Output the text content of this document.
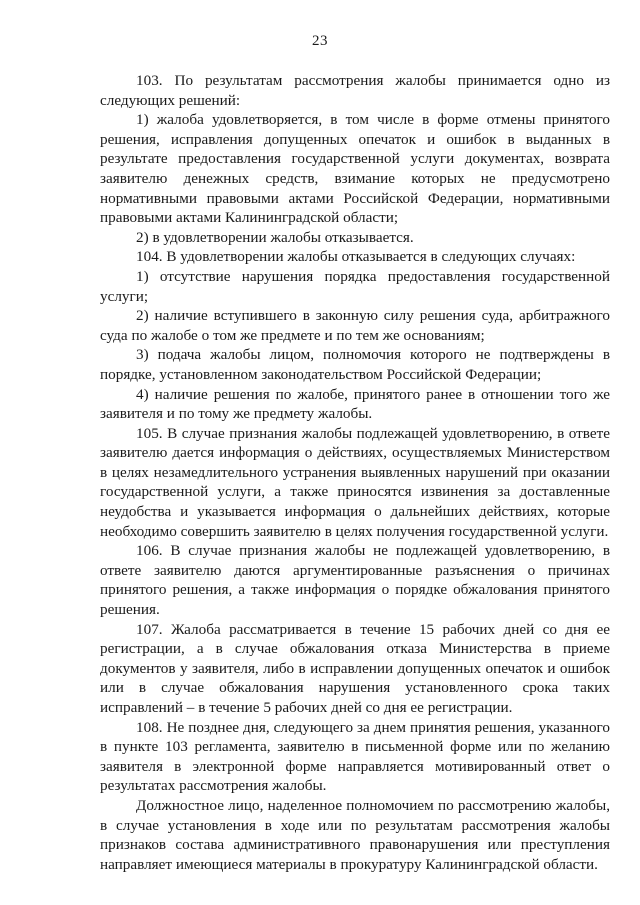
23

103. По результатам рассмотрения жалобы принимается одно из следующих решений:

1) жалоба удовлетворяется, в том числе в форме отмены принятого решения, исправления допущенных опечаток и ошибок в выданных в результате предоставления государственной услуги документах, возврата заявителю денежных средств, взимание которых не предусмотрено нормативными правовыми актами Российской Федерации, нормативными правовыми актами Калининградской области;

2) в удовлетворении жалобы отказывается.

104. В удовлетворении жалобы отказывается в следующих случаях:

1) отсутствие нарушения порядка предоставления государственной услуги;

2) наличие вступившего в законную силу решения суда, арбитражного суда по жалобе о том же предмете и по тем же основаниям;

3) подача жалобы лицом, полномочия которого не подтверждены в порядке, установленном законодательством Российской Федерации;

4) наличие решения по жалобе, принятого ранее в отношении того же заявителя и по тому же предмету жалобы.

105. В случае признания жалобы подлежащей удовлетворению, в ответе заявителю дается информация о действиях, осуществляемых Министерством в целях незамедлительного устранения выявленных нарушений при оказании государственной услуги, а также приносятся извинения за доставленные неудобства и указывается информация о дальнейших действиях, которые необходимо совершить заявителю в целях получения государственной услуги.

106. В случае признания жалобы не подлежащей удовлетворению, в ответе заявителю даются аргументированные разъяснения о причинах принятого решения, а также информация о порядке обжалования принятого решения.

107. Жалоба рассматривается в течение 15 рабочих дней со дня ее регистрации, а в случае обжалования отказа Министерства в приеме документов у заявителя, либо в исправлении допущенных опечаток и ошибок или в случае обжалования нарушения установленного срока таких исправлений – в течение 5 рабочих дней со дня ее регистрации.

108. Не позднее дня, следующего за днем принятия решения, указанного в пункте 103 регламента, заявителю в письменной форме или по желанию заявителя в электронной форме направляется мотивированный ответ о результатах рассмотрения жалобы.

Должностное лицо, наделенное полномочием по рассмотрению жалобы, в случае установления в ходе или по результатам рассмотрения жалобы признаков состава административного правонарушения или преступления направляет имеющиеся материалы в прокуратуру Калининградской области.
